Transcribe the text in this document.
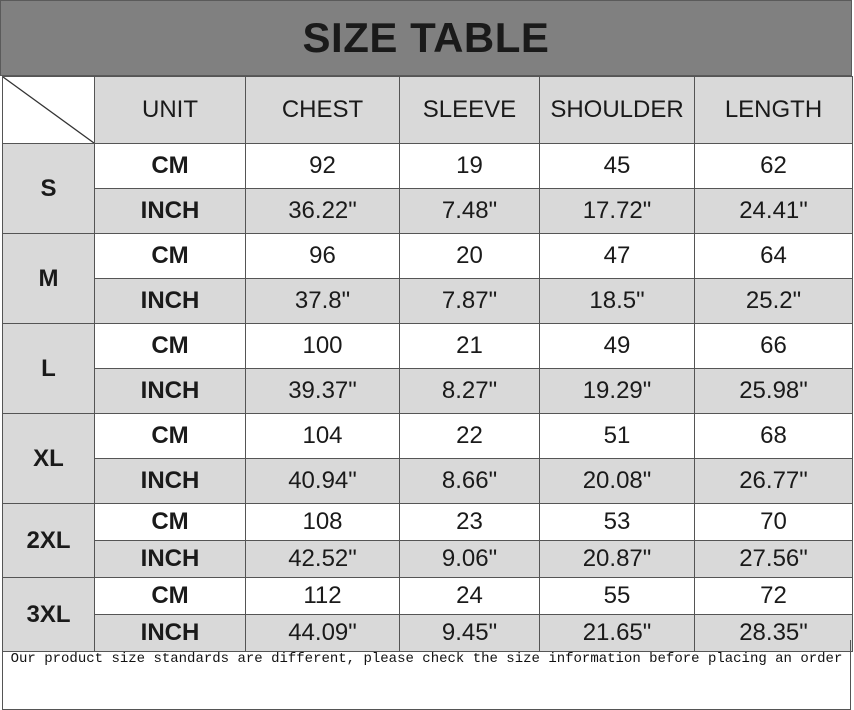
SIZE TABLE
	UNIT	CHEST	SLEEVE	SHOULDER	LENGTH
S	CM	92	19	45	62
	INCH	36.22"	7.48"	17.72"	24.41"
M	CM	96	20	47	64
	INCH	37.8"	7.87"	18.5"	25.2"
L	CM	100	21	49	66
	INCH	39.37"	8.27"	19.29"	25.98"
XL	CM	104	22	51	68
	INCH	40.94"	8.66"	20.08"	26.77"
2XL	CM	108	23	53	70
	INCH	42.52"	9.06"	20.87"	27.56"
3XL	CM	112	24	55	72
	INCH	44.09"	9.45"	21.65"	28.35"
Our product size standards are different, please check the size information before placing an order
